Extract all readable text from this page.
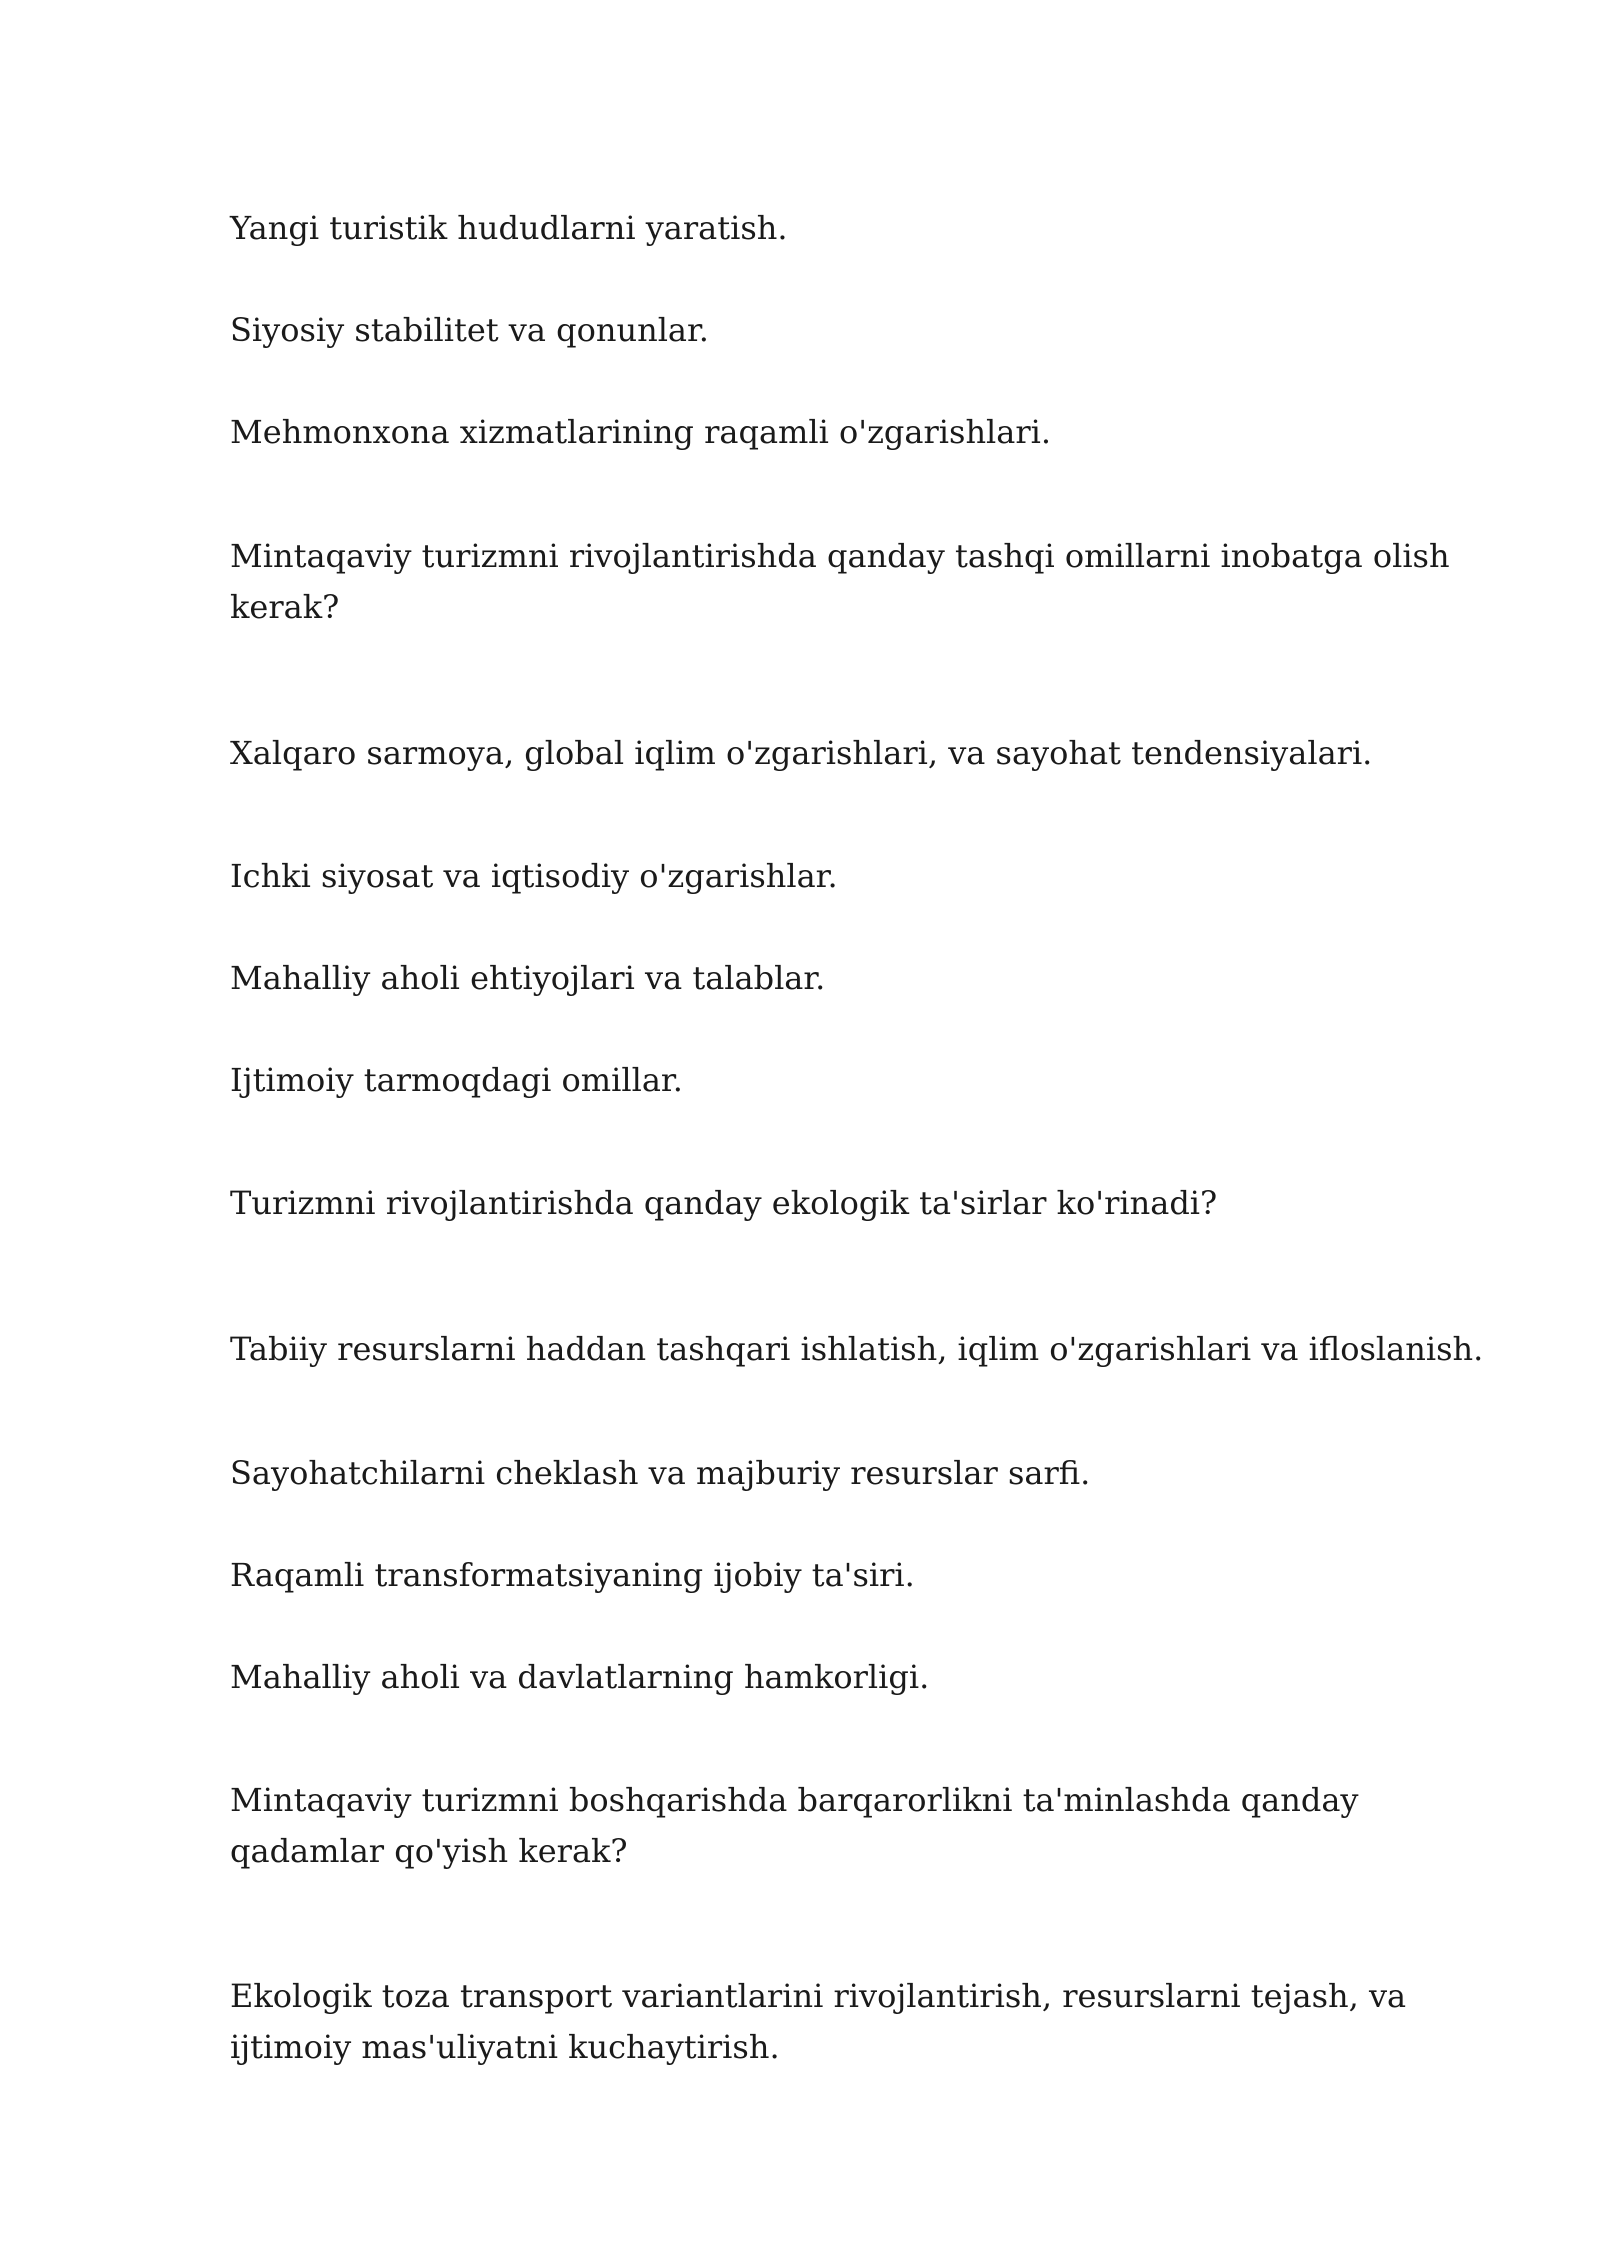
Yangi turistik hududlarni yaratish.

Siyosiy stabilitet va qonunlar.

Mehmonxona xizmatlarining raqamli o'zgarishlari.

Mintaqaviy turizmni rivojlantirishda qanday tashqi omillarni inobatga olish kerak?

Xalqaro sarmoya, global iqlim o'zgarishlari, va sayohat tendensiyalari.

Ichki siyosat va iqtisodiy o'zgarishlar.

Mahalliy aholi ehtiyojlari va talablar.

Ijtimoiy tarmoqdagi omillar.

Turizmni rivojlantirishda qanday ekologik ta'sirlar ko'rinadi?

Tabiiy resurslarni haddan tashqari ishlatish, iqlim o'zgarishlari va ifloslanish.

Sayohatchilarni cheklash va majburiy resurslar sarfi.

Raqamli transformatsiyaning ijobiy ta'siri.

Mahalliy aholi va davlatlarning hamkorligi.

Mintaqaviy turizmni boshqarishda barqarorlikni ta'minlashda qanday qadamlar qo'yish kerak?

Ekologik toza transport variantlarini rivojlantirish, resurslarni tejash, va ijtimoiy mas'uliyatni kuchaytirish.
